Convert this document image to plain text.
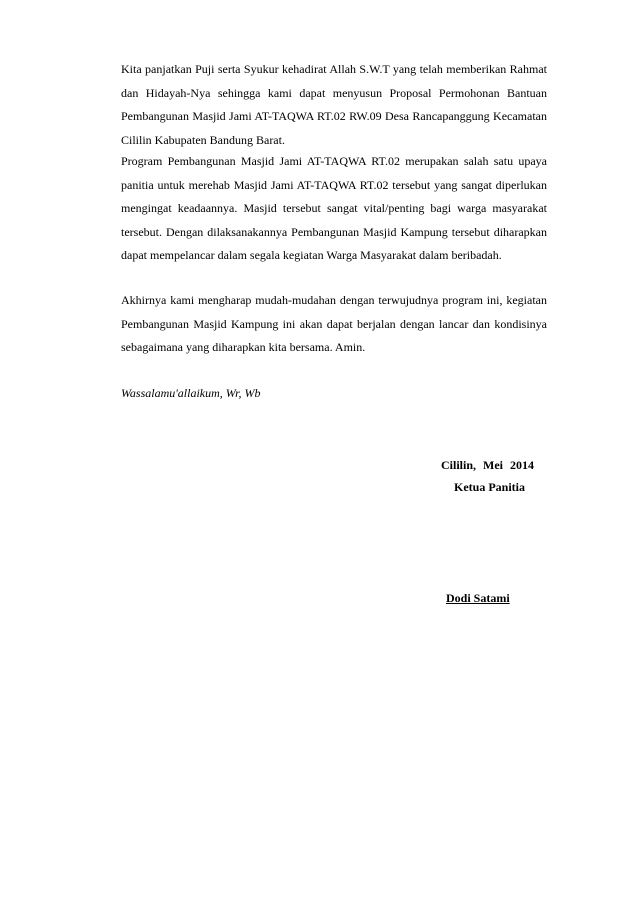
Kita panjatkan Puji serta Syukur kehadirat Allah S.W.T yang telah memberikan Rahmat dan Hidayah-Nya sehingga kami dapat menyusun Proposal Permohonan Bantuan Pembangunan Masjid Jami AT-TAQWA RT.02 RW.09 Desa Rancapanggung Kecamatan Cililin Kabupaten Bandung Barat.

Program Pembangunan Masjid Jami AT-TAQWA RT.02 merupakan salah satu upaya panitia untuk merehab Masjid Jami AT-TAQWA RT.02 tersebut yang sangat diperlukan mengingat keadaannya. Masjid tersebut sangat vital/penting bagi warga masyarakat tersebut. Dengan dilaksanakannya Pembangunan Masjid Kampung tersebut diharapkan dapat mempelancar dalam segala kegiatan Warga Masyarakat dalam beribadah.

Akhirnya kami mengharap mudah-mudahan dengan terwujudnya program ini, kegiatan Pembangunan Masjid Kampung ini akan dapat berjalan dengan lancar dan kondisinya sebagaimana yang diharapkan kita bersama. Amin.

Wassalamu'allaikum, Wr, Wb

Cililin, Mei 2014

Ketua Panitia

Dodi Satami
